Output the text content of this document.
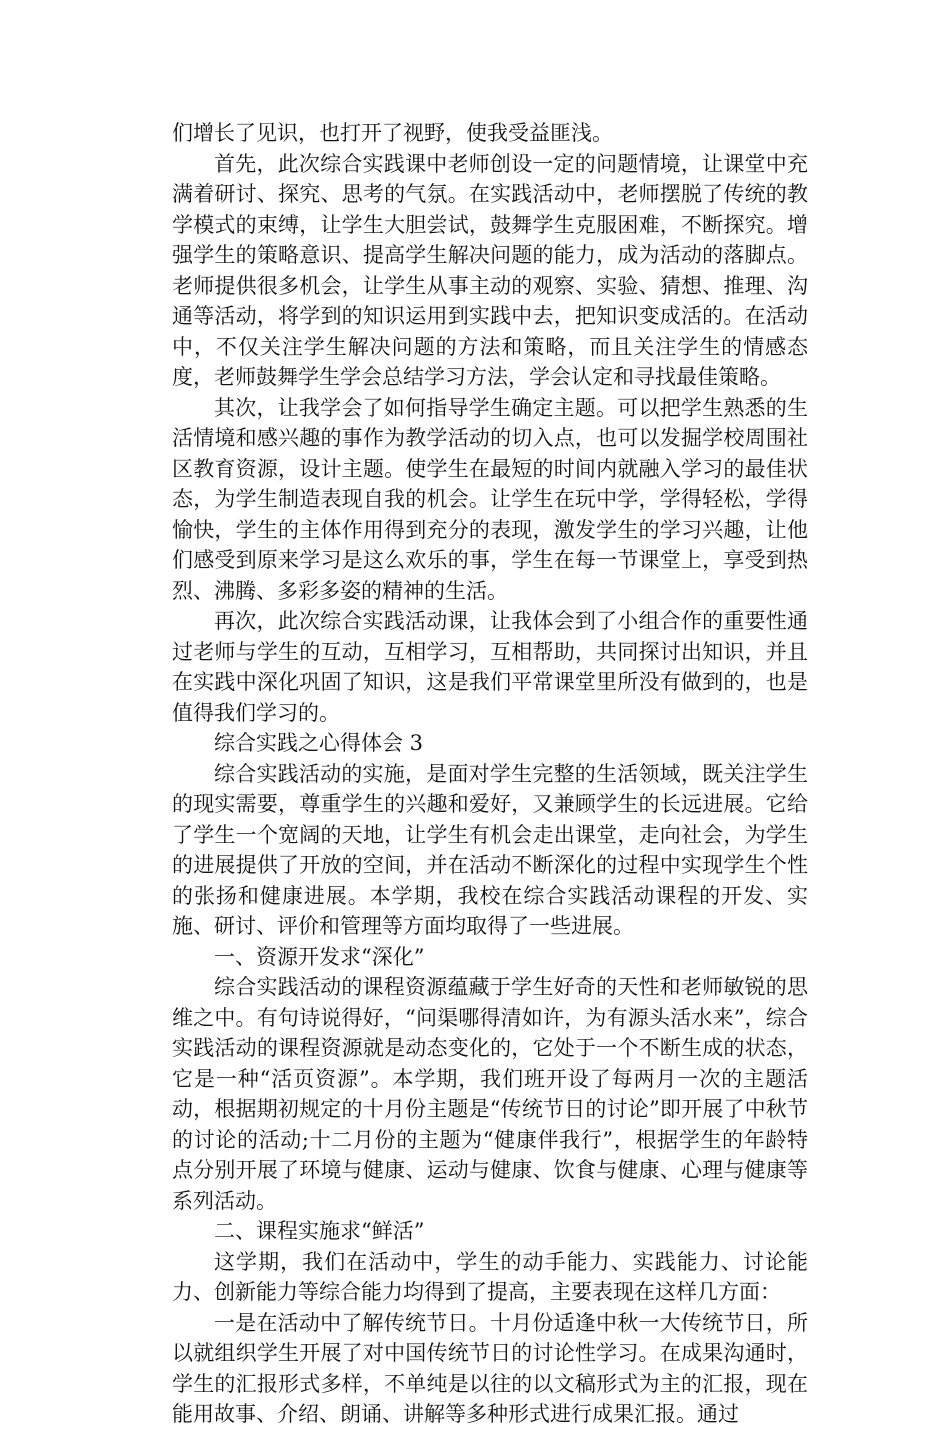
们增长了见识，也打开了视野，使我受益匪浅。

首先，此次综合实践课中老师创设一定的问题情境，让课堂中充满着研讨、探究、思考的气氛。在实践活动中，老师摆脱了传统的教学模式的束缚，让学生大胆尝试，鼓舞学生克服困难，不断探究。增强学生的策略意识、提高学生解决问题的能力，成为活动的落脚点。老师提供很多机会，让学生从事主动的观察、实验、猜想、推理、沟通等活动，将学到的知识运用到实践中去，把知识变成活的。在活动中，不仅关注学生解决问题的方法和策略，而且关注学生的情感态度，老师鼓舞学生学会总结学习方法，学会认定和寻找最佳策略。

其次，让我学会了如何指导学生确定主题。可以把学生熟悉的生活情境和感兴趣的事作为教学活动的切入点，也可以发掘学校周围社区教育资源，设计主题。使学生在最短的时间内就融入学习的最佳状态，为学生制造表现自我的机会。让学生在玩中学，学得轻松，学得愉快，学生的主体作用得到充分的表现，激发学生的学习兴趣，让他们感受到原来学习是这么欢乐的事，学生在每一节课堂上，享受到热烈、沸腾、多彩多姿的精神的生活。

再次，此次综合实践活动课，让我体会到了小组合作的重要性通过老师与学生的互动，互相学习，互相帮助，共同探讨出知识，并且在实践中深化巩固了知识，这是我们平常课堂里所没有做到的，也是值得我们学习的。

综合实践之心得体会 3

综合实践活动的实施，是面对学生完整的生活领域，既关注学生的现实需要，尊重学生的兴趣和爱好，又兼顾学生的长远进展。它给了学生一个宽阔的天地，让学生有机会走出课堂，走向社会，为学生的进展提供了开放的空间，并在活动不断深化的过程中实现学生个性的张扬和健康进展。本学期，我校在综合实践活动课程的开发、实施、研讨、评价和管理等方面均取得了一些进展。

一、资源开发求“深化”

综合实践活动的课程资源蕴藏于学生好奇的天性和老师敏锐的思维之中。有句诗说得好，“问渠哪得清如许，为有源头活水来”，综合实践活动的课程资源就是动态变化的，它处于一个不断生成的状态，它是一种“活页资源”。本学期，我们班开设了每两月一次的主题活动，根据期初规定的十月份主题是“传统节日的讨论”即开展了中秋节的讨论的活动;十二月份的主题为“健康伴我行”，根据学生的年龄特点分别开展了环境与健康、运动与健康、饮食与健康、心理与健康等系列活动。

二、课程实施求“鲜活”

这学期，我们在活动中，学生的动手能力、实践能力、讨论能力、创新能力等综合能力均得到了提高，主要表现在这样几方面：

一是在活动中了解传统节日。十月份适逢中秋一大传统节日，所以就组织学生开展了对中国传统节日的讨论性学习。在成果沟通时，学生的汇报形式多样，不单纯是以往的以文稿形式为主的汇报，现在能用故事、介绍、朗诵、讲解等多种形式进行成果汇报。通过
